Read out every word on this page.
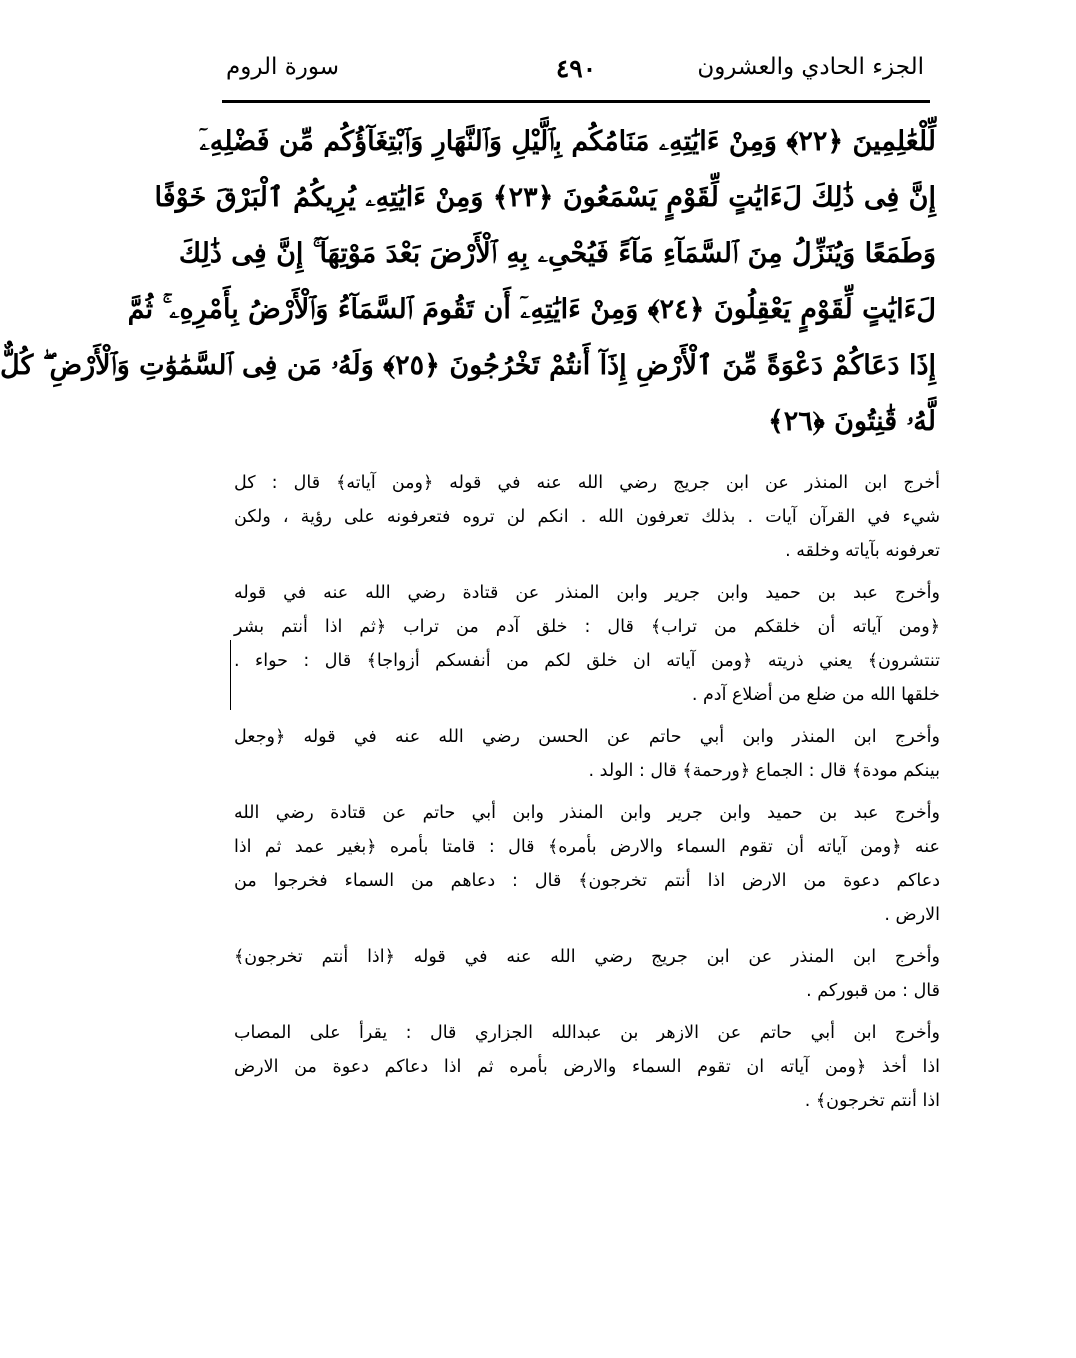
الجزء الحادي والعشرون
٤٩٠
سورة الروم
لِّلْعَٰلِمِينَ ﴿٢٢﴾ وَمِنْ ءَايَٰتِهِۦ مَنَامُكُم بِٱلَّيْلِ وَٱلنَّهَارِ وَٱبْتِغَآؤُكُم مِّن فَضْلِهِۦٓ
إِنَّ فِى ذَٰلِكَ لَءَايَٰتٍ لِّقَوْمٍ يَسْمَعُونَ ﴿٢٣﴾ وَمِنْ ءَايَٰتِهِۦ يُرِيكُمُ ٱلْبَرْقَ خَوْفًا
وَطَمَعًا وَيُنَزِّلُ مِنَ ٱلسَّمَآءِ مَآءً فَيُحْىِۦ بِهِ ٱلْأَرْضَ بَعْدَ مَوْتِهَآ ۚ إِنَّ فِى ذَٰلِكَ
لَءَايَٰتٍ لِّقَوْمٍ يَعْقِلُونَ ﴿٢٤﴾ وَمِنْ ءَايَٰتِهِۦٓ أَن تَقُومَ ٱلسَّمَآءُ وَٱلْأَرْضُ بِأَمْرِهِۦ ۚ ثُمَّ
إِذَا دَعَاكُمْ دَعْوَةً مِّنَ ٱلْأَرْضِ إِذَآ أَنتُمْ تَخْرُجُونَ ﴿٢٥﴾ وَلَهُۥ مَن فِى ٱلسَّمَٰوَٰتِ وَٱلْأَرْضِ ۖ كُلٌّ
لَّهُۥ قَٰنِتُونَ ﴿٢٦﴾
أخرج ابن المنذر عن ابن جريج رضي الله عنه في قوله ﴿ومن آياته﴾ قال : كل
شيء في القرآن آيات . بذلك تعرفون الله . انكم لن تروه فتعرفونه على رؤية ، ولكن
تعرفونه بآياته وخلقه .
وأخرج عبد بن حميد وابن جرير وابن المنذر عن قتادة رضي الله عنه في قوله
﴿ومن آياته أن خلقكم من تراب﴾ قال : خلق آدم من تراب ﴿ثم اذا أنتم بشر
تنتشرون﴾ يعني ذريته ﴿ومن آياته ان خلق لكم من أنفسكم أزواجا﴾ قال : حواء .
خلقها الله من ضلع من أضلاع آدم .
وأخرج ابن المنذر وابن أبي حاتم عن الحسن رضي الله عنه في قوله ﴿وجعل
بينكم مودة﴾ قال : الجماع ﴿ورحمة﴾ قال : الولد .
وأخرج عبد بن حميد وابن جرير وابن المنذر وابن أبي حاتم عن قتادة رضي الله
عنه ﴿ومن آياته أن تقوم السماء والارض بأمره﴾ قال : قامتا بأمره ﴿بغير عمد ثم اذا
دعاكم دعوة من الارض اذا أنتم تخرجون﴾ قال : دعاهم من السماء فخرجوا من
الارض .
وأخرج ابن المنذر عن ابن جريج رضي الله عنه في قوله ﴿اذا أنتم تخرجون﴾
قال : من قبوركم .
وأخرج ابن أبي حاتم عن الازهر بن عبدالله الجزاري قال : يقرأ على المصاب
اذا أخذ ﴿ومن آياته ان تقوم السماء والارض بأمره ثم اذا دعاكم دعوة من الارض
اذا أنتم تخرجون﴾ .
